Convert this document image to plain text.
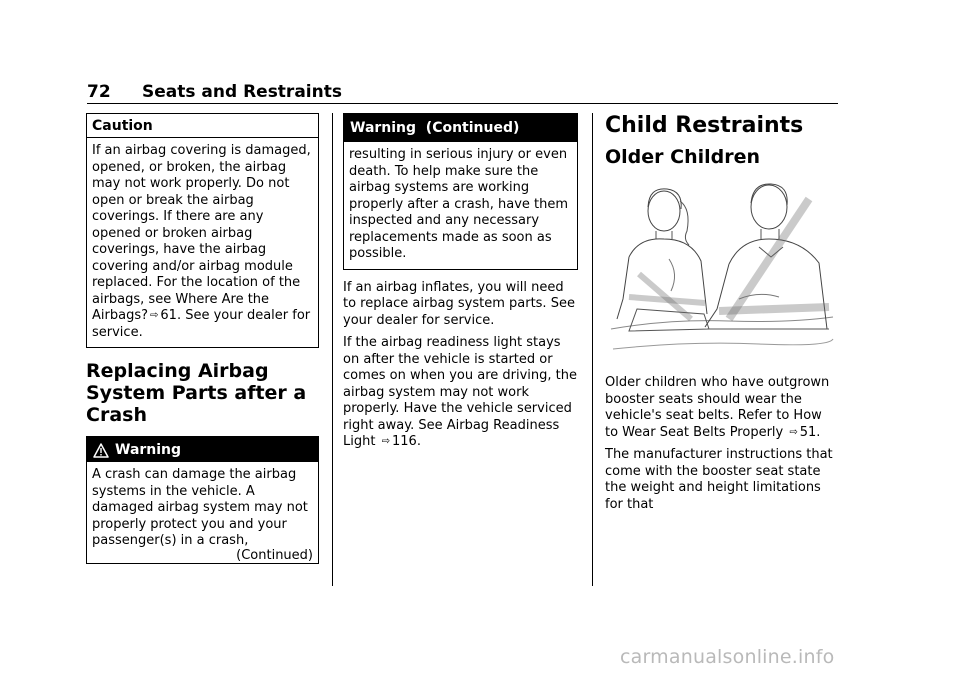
72 Seats and Restraints
Caution
If an airbag covering is damaged, opened, or broken, the airbag may not work properly. Do not open or break the airbag coverings. If there are any opened or broken airbag coverings, have the airbag covering and/or airbag module replaced. For the location of the airbags, see Where Are the Airbags? ⇨ 61. See your dealer for service.
Replacing Airbag System Parts after a Crash
Warning
A crash can damage the airbag systems in the vehicle. A damaged airbag system may not properly protect you and your passenger(s) in a crash,
(Continued)
Warning  (Continued)
resulting in serious injury or even death. To help make sure the airbag systems are working properly after a crash, have them inspected and any necessary replacements made as soon as possible.

If an airbag inflates, you will need to replace airbag system parts. See your dealer for service.

If the airbag readiness light stays on after the vehicle is started or comes on when you are driving, the airbag system may not work properly. Have the vehicle serviced right away. See Airbag Readiness Light ⇨ 116.

Child Restraints
Older Children

Older children who have outgrown booster seats should wear the vehicle's seat belts. Refer to How to Wear Seat Belts Properly ⇨ 51.

The manufacturer instructions that come with the booster seat state the weight and height limitations for that

carmanualsonline.info
